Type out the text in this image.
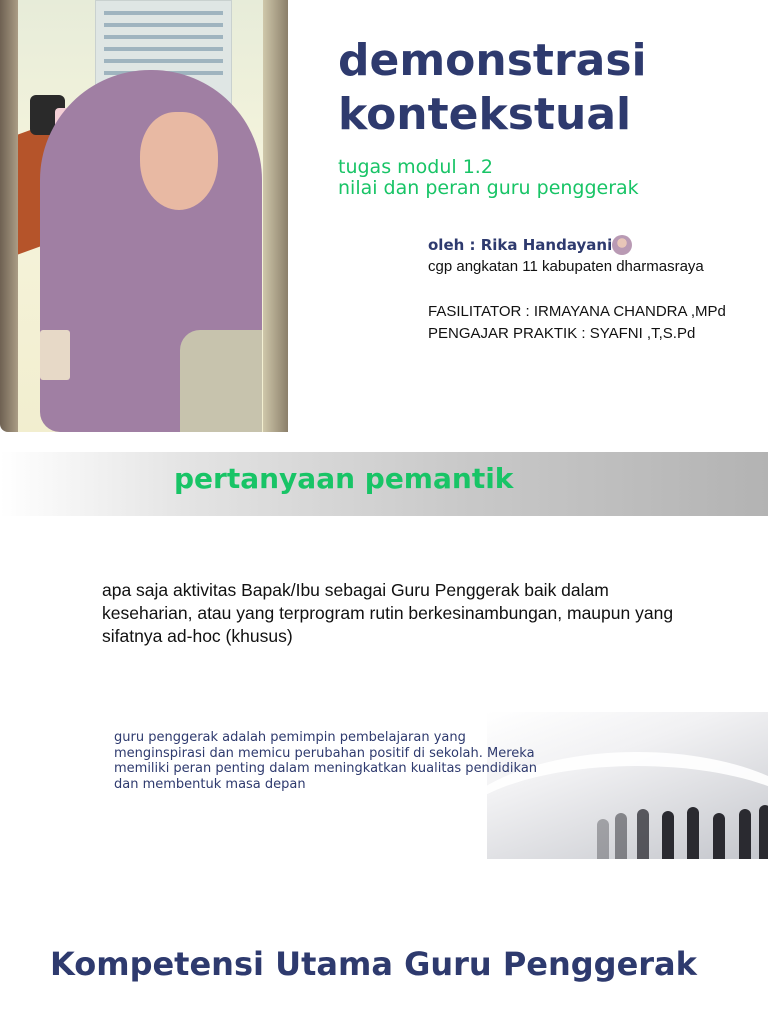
demonstrasi
kontekstual

tugas modul 1.2
nilai dan peran guru penggerak

oleh : Rika Handayani
cgp angkatan 11 kabupaten dharmasraya
FASILITATOR : IRMAYANA CHANDRA ,MPd
PENGAJAR PRAKTIK : SYAFNI ,T,S.Pd
pertanyaan pemantik

apa saja aktivitas Bapak/Ibu sebagai Guru Penggerak baik dalam keseharian, atau yang terprogram rutin berkesinambungan, maupun yang sifatnya ad-hoc (khusus)

guru penggerak adalah pemimpin pembelajaran yang menginspirasi dan memicu perubahan positif di sekolah. Mereka memiliki peran penting dalam meningkatkan kualitas pendidikan dan membentuk masa depan

Kompetensi Utama Guru Penggerak
